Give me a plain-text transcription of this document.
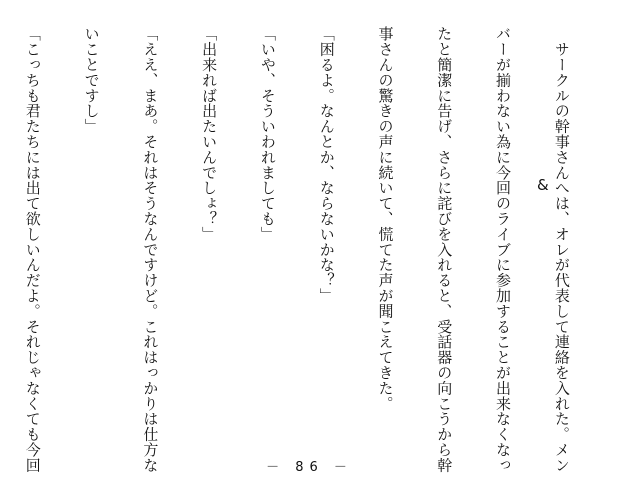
　サークルの幹事さんへは、オレが代表して連絡を入れた。メン

バーが揃わない為に今回のライブに参加することが出来なくなっ

たと簡潔に告げ、さらに詫びを入れると、受話器の向こうから幹

事さんの驚きの声に続いて、慌てた声が聞こえてきた。

「困るよ。なんとか、ならないかな？」

「いや、そういわれましても」

「出来れば出たいんでしょ？」

「ええ、まあ。それはそうなんですけど。これはっかりは仕方な

いことですし」

「こっちも君たちには出て欲しいんだよ。それじゃなくても今回

	&
－ 86 －
